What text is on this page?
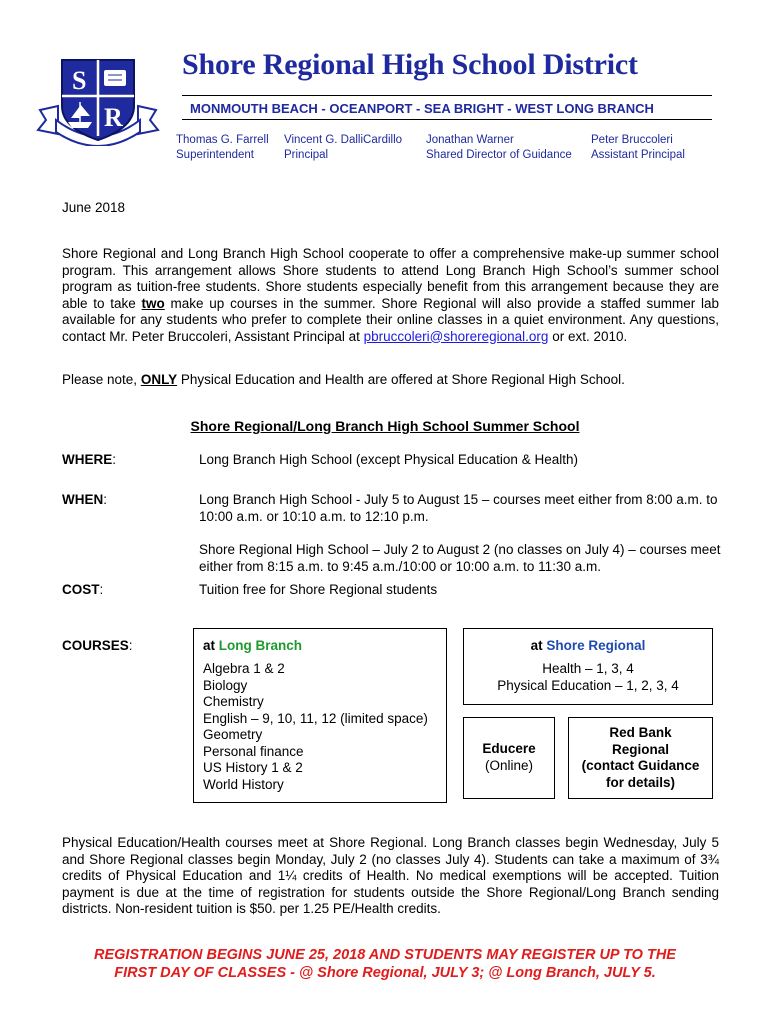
S
R
Shore Regional High School District
MONMOUTH BEACH - OCEANPORT - SEA BRIGHT - WEST LONG BRANCH
Thomas G. Farrell
Superintendent
Vincent G. DalliCardillo
Principal
Jonathan Warner
Shared Director of Guidance
Peter Bruccoleri
Assistant Principal
June 2018
Shore Regional and Long Branch High School cooperate to offer a comprehensive make-up summer school program. This arrangement allows Shore students to attend Long Branch High School’s summer school program as tuition-free students. Shore students especially benefit from this arrangement because they are able to take two make up courses in the summer. Shore Regional will also provide a staffed summer lab available for any students who prefer to complete their online classes in a quiet environment. Any questions, contact Mr. Peter Bruccoleri, Assistant Principal at pbruccoleri@shoreregional.org or ext. 2010.
Please note, ONLY Physical Education and Health are offered at Shore Regional High School.
Shore Regional/Long Branch High School Summer School
WHERE:	Long Branch High School (except Physical Education & Health)
WHEN:	Long Branch High School - July 5 to August 15 – courses meet either from 8:00 a.m. to 10:00 a.m. or 10:10 a.m. to 12:10 p.m.
Shore Regional High School – July 2 to August 2 (no classes on July 4) – courses meet either from 8:15 a.m. to 9:45 a.m./10:00 or 10:00 a.m. to 11:30 a.m.
COST:	Tuition free for Shore Regional students
COURSES:	at Long Branch
Algebra 1 & 2
Biology
Chemistry
English – 9, 10, 11, 12 (limited space)
Geometry
Personal finance
US History 1 & 2
World History
at Shore Regional
Health – 1, 3, 4
Physical Education – 1, 2, 3, 4
Educere
(Online)
Red Bank
Regional
(contact Guidance
for details)
Physical Education/Health courses meet at Shore Regional. Long Branch classes begin Wednesday, July 5 and Shore Regional classes begin Monday, July 2 (no classes July 4). Students can take a maximum of 3¾ credits of Physical Education and 1¼ credits of Health. No medical exemptions will be accepted. Tuition payment is due at the time of registration for students outside the Shore Regional/Long Branch sending districts. Non-resident tuition is $50. per 1.25 PE/Health credits.
REGISTRATION BEGINS JUNE 25, 2018 AND STUDENTS MAY REGISTER UP TO THE
FIRST DAY OF CLASSES - @ Shore Regional, JULY 3; @ Long Branch, JULY 5.
